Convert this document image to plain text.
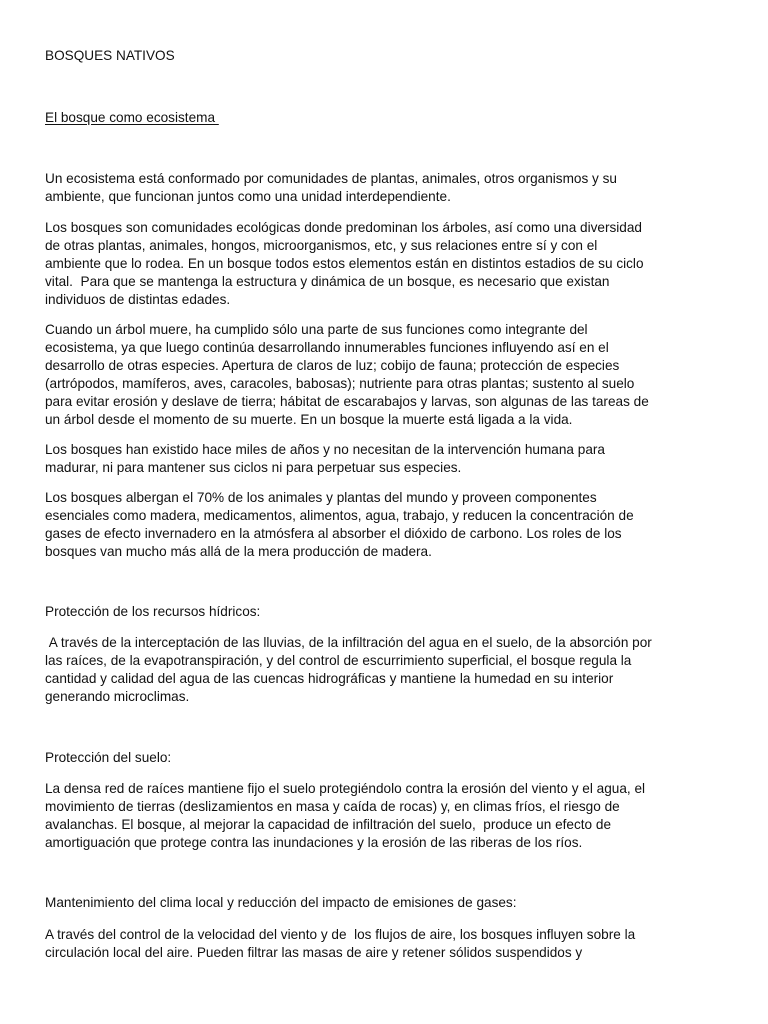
BOSQUES NATIVOS

El bosque como ecosistema

Un ecosistema está conformado por comunidades de plantas, animales, otros organismos y su
ambiente, que funcionan juntos como una unidad interdependiente.

Los bosques son comunidades ecológicas donde predominan los árboles, así como una diversidad
de otras plantas, animales, hongos, microorganismos, etc, y sus relaciones entre sí y con el
ambiente que lo rodea. En un bosque todos estos elementos están en distintos estadios de su ciclo
vital.  Para que se mantenga la estructura y dinámica de un bosque, es necesario que existan
individuos de distintas edades.

Cuando un árbol muere, ha cumplido sólo una parte de sus funciones como integrante del
ecosistema, ya que luego continúa desarrollando innumerables funciones influyendo así en el
desarrollo de otras especies. Apertura de claros de luz; cobijo de fauna; protección de especies
(artrópodos, mamíferos, aves, caracoles, babosas); nutriente para otras plantas; sustento al suelo
para evitar erosión y deslave de tierra; hábitat de escarabajos y larvas, son algunas de las tareas de
un árbol desde el momento de su muerte. En un bosque la muerte está ligada a la vida.

Los bosques han existido hace miles de años y no necesitan de la intervención humana para
madurar, ni para mantener sus ciclos ni para perpetuar sus especies.

Los bosques albergan el 70% de los animales y plantas del mundo y proveen componentes
esenciales como madera, medicamentos, alimentos, agua, trabajo, y reducen la concentración de
gases de efecto invernadero en la atmósfera al absorber el dióxido de carbono. Los roles de los
bosques van mucho más allá de la mera producción de madera.

Protección de los recursos hídricos:

A través de la interceptación de las lluvias, de la infiltración del agua en el suelo, de la absorción por
las raíces, de la evapotranspiración, y del control de escurrimiento superficial, el bosque regula la
cantidad y calidad del agua de las cuencas hidrográficas y mantiene la humedad en su interior
generando microclimas.

Protección del suelo:

La densa red de raíces mantiene fijo el suelo protegiéndolo contra la erosión del viento y el agua, el
movimiento de tierras (deslizamientos en masa y caída de rocas) y, en climas fríos, el riesgo de
avalanchas. El bosque, al mejorar la capacidad de infiltración del suelo,  produce un efecto de
amortiguación que protege contra las inundaciones y la erosión de las riberas de los ríos.

Mantenimiento del clima local y reducción del impacto de emisiones de gases:

A través del control de la velocidad del viento y de  los flujos de aire, los bosques influyen sobre la
circulación local del aire. Pueden filtrar las masas de aire y retener sólidos suspendidos y
